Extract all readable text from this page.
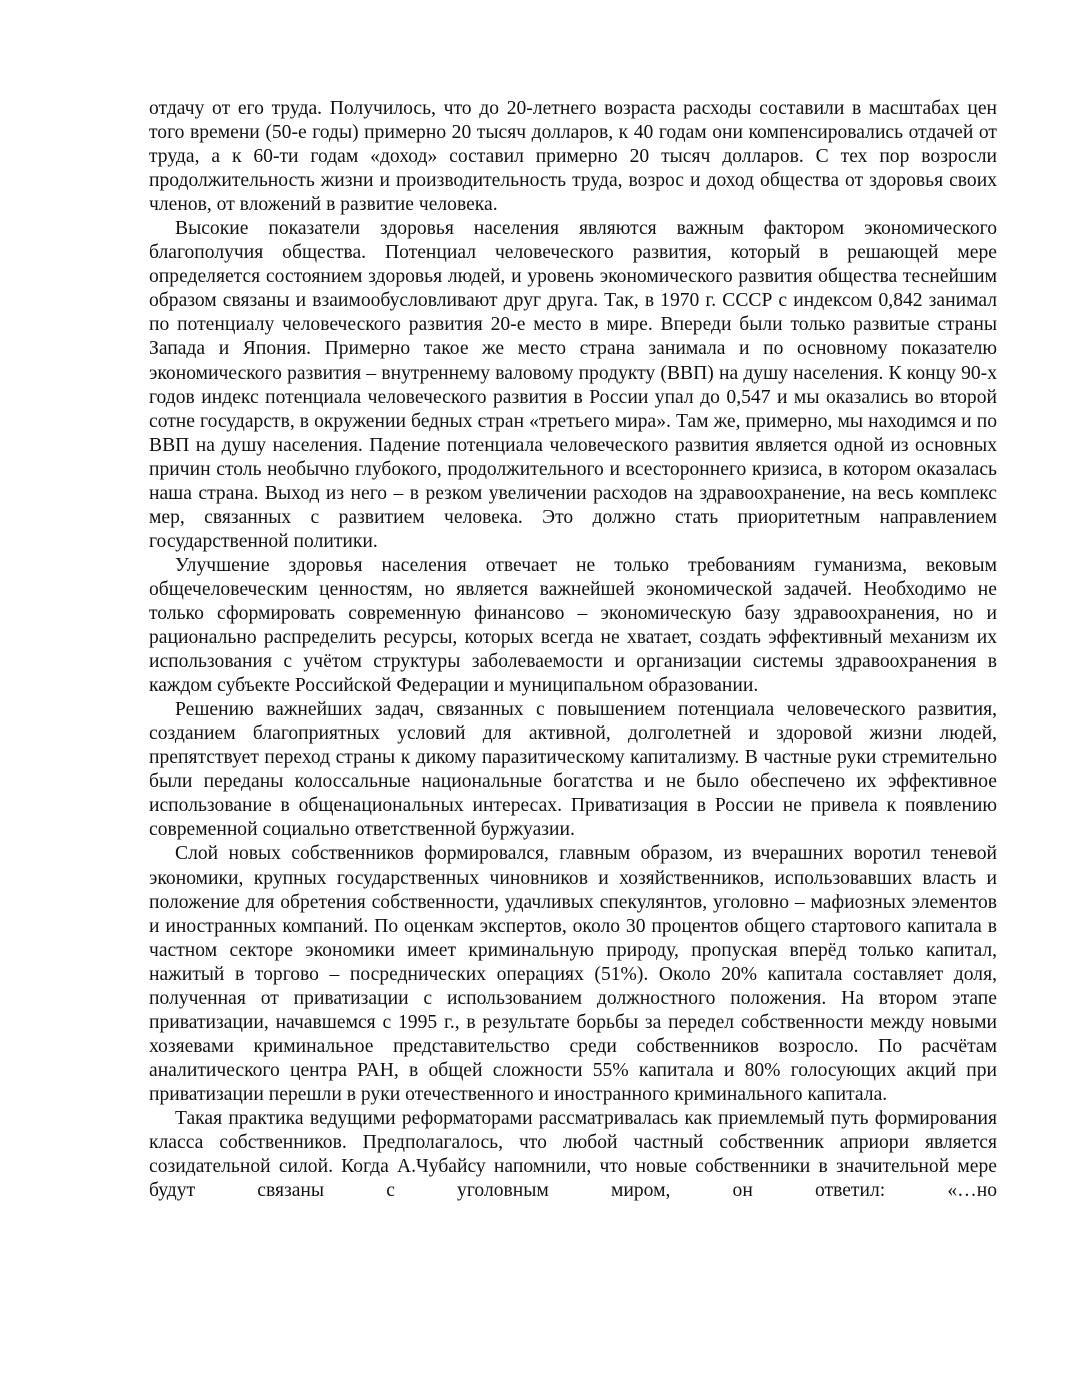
отдачу от его труда. Получилось, что до 20-летнего возраста расходы составили в масштабах цен того времени (50-е годы) примерно 20 тысяч долларов, к 40 годам они компенсировались отдачей от труда, а к 60-ти годам «доход» составил примерно 20 тысяч долларов. С тех пор возросли продолжительность жизни и производительность труда, возрос и доход общества от здоровья своих членов, от вложений в развитие человека.

Высокие показатели здоровья населения являются важным фактором экономического благополучия общества. Потенциал человеческого развития, который в решающей мере определяется состоянием здоровья людей, и уровень экономического развития общества теснейшим образом связаны и взаимообусловливают друг друга. Так, в 1970 г. СССР с индексом 0,842 занимал по потенциалу человеческого развития 20-е место в мире. Впереди были только развитые страны Запада и Япония. Примерно такое же место страна занимала и по основному показателю экономического развития – внутреннему валовому продукту (ВВП) на душу населения. К концу 90-х годов индекс потенциала человеческого развития в России упал до 0,547 и мы оказались во второй сотне государств, в окружении бедных стран «третьего мира». Там же, примерно, мы находимся и по ВВП на душу населения. Падение потенциала человеческого развития является одной из основных причин столь необычно глубокого, продолжительного и всестороннего кризиса, в котором оказалась наша страна. Выход из него – в резком увеличении расходов на здравоохранение, на весь комплекс мер, связанных с развитием человека. Это должно стать приоритетным направлением государственной политики.

Улучшение здоровья населения отвечает не только требованиям гуманизма, вековым общечеловеческим ценностям, но является важнейшей экономической задачей. Необходимо не только сформировать современную финансово – экономическую базу здравоохранения, но и рационально распределить ресурсы, которых всегда не хватает, создать эффективный механизм их использования с учётом структуры заболеваемости и организации системы здравоохранения в каждом субъекте Российской Федерации и муниципальном образовании.

Решению важнейших задач, связанных с повышением потенциала человеческого развития, созданием благоприятных условий для активной, долголетней и здоровой жизни людей, препятствует переход страны к дикому паразитическому капитализму. В частные руки стремительно были переданы колоссальные национальные богатства и не было обеспечено их эффективное использование в общенациональных интересах. Приватизация в России не привела к появлению современной социально ответственной буржуазии.

Слой новых собственников формировался, главным образом, из вчерашних воротил теневой экономики, крупных государственных чиновников и хозяйственников, использовавших власть и положение для обретения собственности, удачливых спекулянтов, уголовно – мафиозных элементов и иностранных компаний. По оценкам экспертов, около 30 процентов общего стартового капитала в частном секторе экономики имеет криминальную природу, пропуская вперёд только капитал, нажитый в торгово – посреднических операциях (51%). Около 20% капитала составляет доля, полученная от приватизации с использованием должностного положения. На втором этапе приватизации, начавшемся с 1995 г., в результате борьбы за передел собственности между новыми хозяевами криминальное представительство среди собственников возросло. По расчётам аналитического центра РАН, в общей сложности 55% капитала и 80% голосующих акций при приватизации перешли в руки отечественного и иностранного криминального капитала.

Такая практика ведущими реформаторами рассматривалась как приемлемый путь формирования класса собственников. Предполагалось, что любой частный собственник априори является созидательной силой. Когда А.Чубайсу напомнили, что новые собственники в значительной мере будут связаны с уголовным миром, он ответил: «…но
